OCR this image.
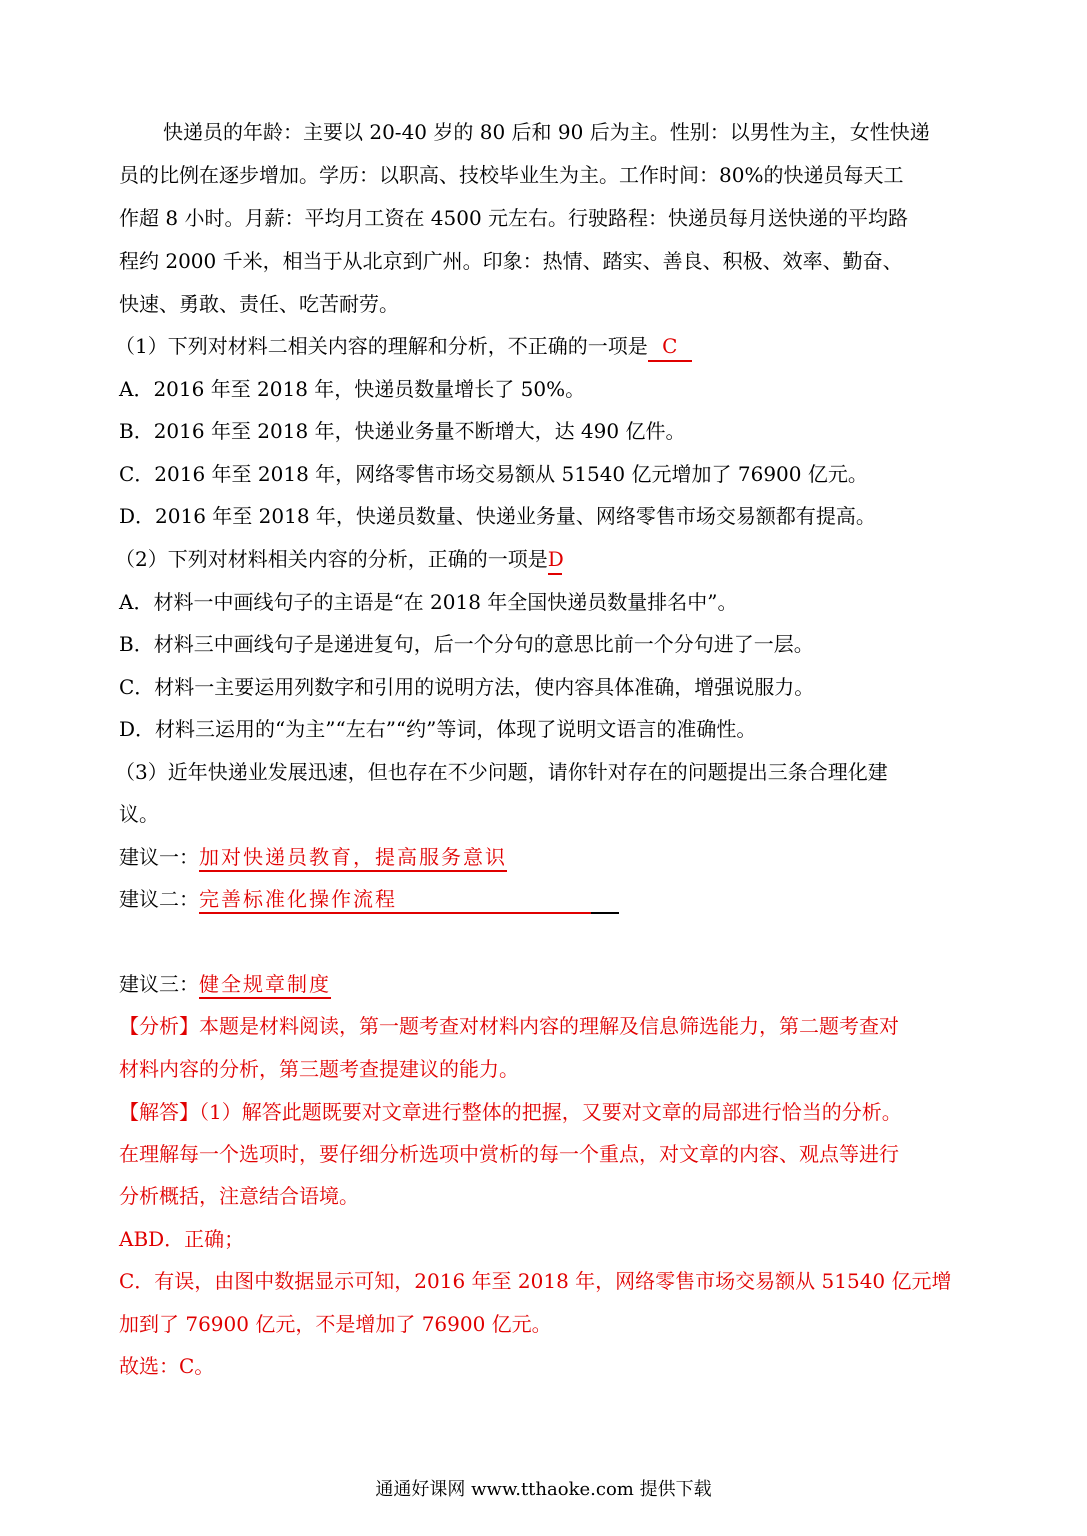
快递员的年龄：主要以 20-40 岁的 80 后和 90 后为主。性别：以男性为主，女性快递
员的比例在逐步增加。学历：以职高、技校毕业生为主。工作时间：80%的快递员每天工
作超 8 小时。月薪：平均月工资在 4500 元左右。行驶路程：快递员每月送快递的平均路
程约 2000 千米，相当于从北京到广州。印象：热情、踏实、善良、积极、效率、勤奋、
快速、勇敢、责任、吃苦耐劳。
（1）下列对材料二相关内容的理解和分析，不正确的一项是 C
A．2016 年至 2018 年，快递员数量增长了 50%。
B．2016 年至 2018 年，快递业务量不断增大，达 490 亿件。
C．2016 年至 2018 年，网络零售市场交易额从 51540 亿元增加了 76900 亿元。
D．2016 年至 2018 年，快递员数量、快递业务量、网络零售市场交易额都有提高。
（2）下列对材料相关内容的分析，正确的一项是D
A．材料一中画线句子的主语是“在 2018 年全国快递员数量排名中”。
B．材料三中画线句子是递进复句，后一个分句的意思比前一个分句进了一层。
C．材料一主要运用列数字和引用的说明方法，使内容具体准确，增强说服力。
D．材料三运用的“为主”“左右”“约”等词，体现了说明文语言的准确性。
（3）近年快递业发展迅速，但也存在不少问题，请你针对存在的问题提出三条合理化建
议。
建议一：加对快递员教育，提高服务意识
建议二：完善标准化操作流程
建议三：健全规章制度
【分析】本题是材料阅读，第一题考查对材料内容的理解及信息筛选能力，第二题考查对
材料内容的分析，第三题考查提建议的能力。
【解答】（1）解答此题既要对文章进行整体的把握，又要对文章的局部进行恰当的分析。
在理解每一个选项时，要仔细分析选项中赏析的每一个重点，对文章的内容、观点等进行
分析概括，注意结合语境。
ABD．正确；
C．有误，由图中数据显示可知，2016 年至 2018 年，网络零售市场交易额从 51540 亿元增
加到了 76900 亿元，不是增加了 76900 亿元。
故选：C。
通通好课网 www.tthaoke.com 提供下载
